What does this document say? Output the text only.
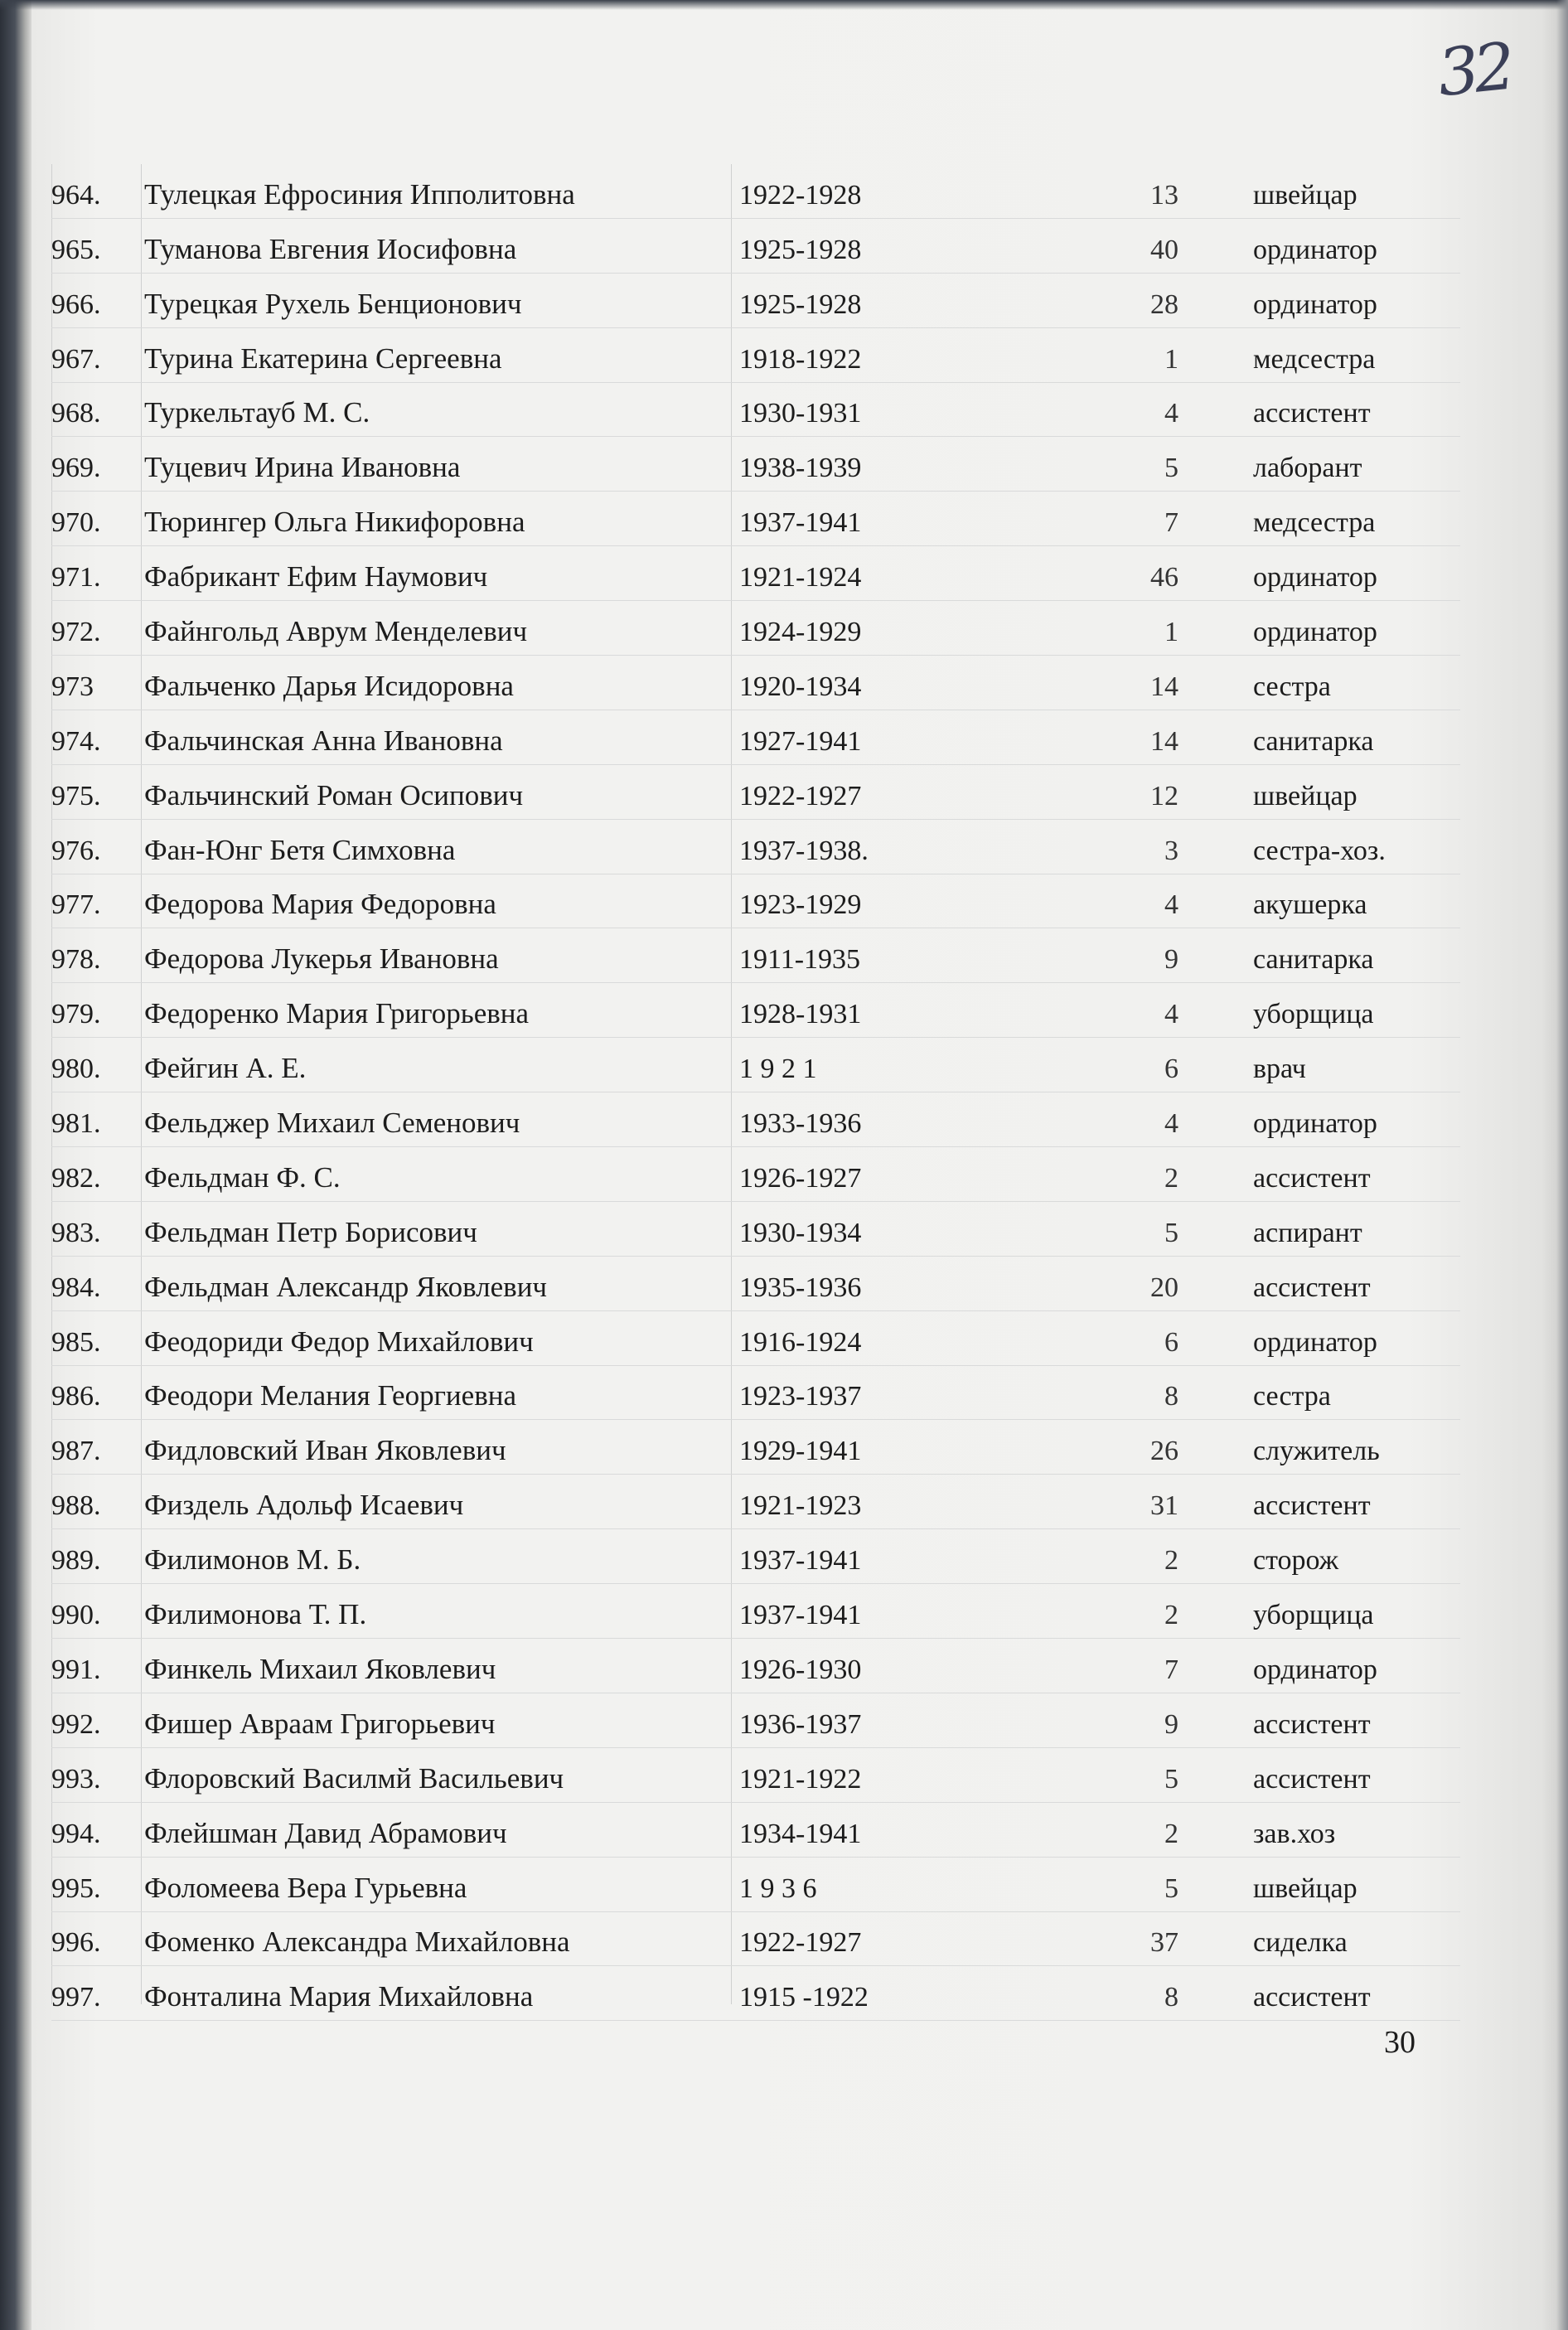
32
964. Тулецкая Ефросиния Ипполитовна	1922-1928	13	швейцар
965. Туманова Евгения Иосифовна	1925-1928	40	ординатор
966. Турецкая Рухель Бенционович	1925-1928	28	ординатор
967. Турина Екатерина Сергеевна	1918-1922	1	медсестра
968. Туркельтауб М. С.	1930-1931	4	ассистент
969. Туцевич Ирина Ивановна	1938-1939	5	лаборант
970. Тюрингер Ольга Никифоровна	1937-1941	7	медсестра
971. Фабрикант Ефим Наумович	1921-1924	46	ординатор
972. Файнгольд Аврум Менделевич	1924-1929	1	ординатор
973 Фальченко Дарья Исидоровна	1920-1934	14	сестра
974. Фальчинская Анна Ивановна	1927-1941	14	санитарка
975. Фальчинский Роман Осипович	1922-1927	12	швейцар
976. Фан-Юнг Бетя Симховна	1937-1938.	3	сестра-хоз.
977. Федорова Мария Федоровна	1923-1929	4	акушерка
978. Федорова Лукерья Ивановна	1911-1935	9	санитарка
979. Федоренко Мария Григорьевна	1928-1931	4	уборщица
980. Фейгин А. Е.	1 9 2 1	6	врач
981. Фельджер Михаил Семенович	1933-1936	4	ординатор
982. Фельдман Ф. С.	1926-1927	2	ассистент
983. Фельдман Петр Борисович	1930-1934	5	аспирант
984. Фельдман Александр Яковлевич	1935-1936	20	ассистент
985. Феодориди Федор Михайлович	1916-1924	6	ординатор
986. Феодори Мелания Георгиевна	1923-1937	8	сестра
987. Фидловский Иван Яковлевич	1929-1941	26	служитель
988. Физдель Адольф Исаевич	1921-1923	31	ассистент
989. Филимонов М. Б.	1937-1941	2	сторож
990. Филимонова Т. П.	1937-1941	2	уборщица
991. Финкель Михаил Яковлевич	1926-1930	7	ординатор
992. Фишер Авраам Григорьевич	1936-1937	9	ассистент
993. Флоровский Василмй Васильевич	1921-1922	5	ассистент
994. Флейшман Давид Абрамович	1934-1941	2	зав.хоз
995. Фоломеева Вера Гурьевна	1 9 3 6	5	швейцар
996. Фоменко Александра Михайловна	1922-1927	37	сиделка
997. Фонталина Мария Михайловна	1915 -1922	8	ассистент
30
